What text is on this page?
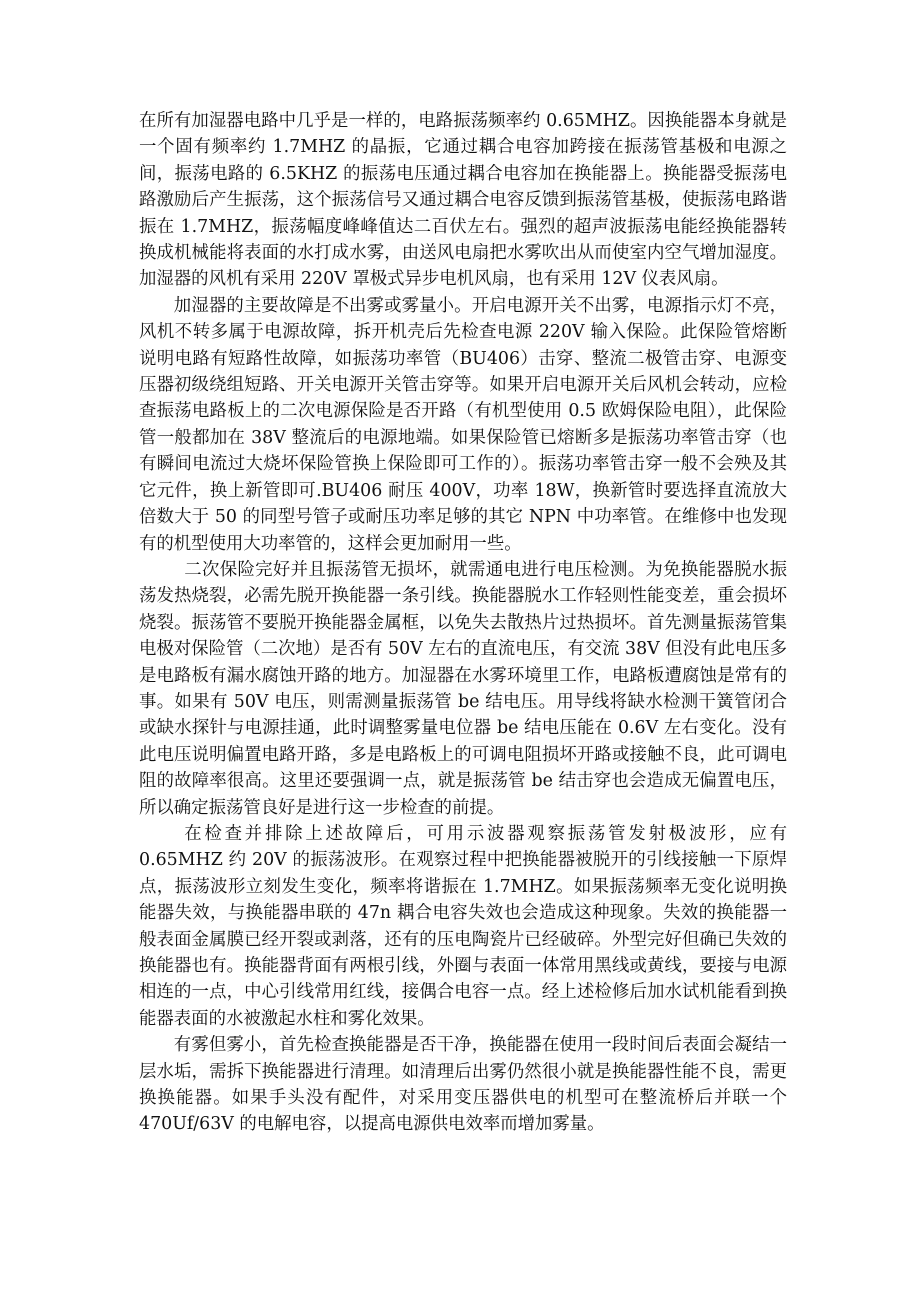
在所有加湿器电路中几乎是一样的，电路振荡频率约 0.65MHZ。因换能器本身就是一个固有频率约 1.7MHZ 的晶振，它通过耦合电容加跨接在振荡管基极和电源之间，振荡电路的 6.5KHZ 的振荡电压通过耦合电容加在换能器上。换能器受振荡电路激励后产生振荡，这个振荡信号又通过耦合电容反馈到振荡管基极，使振荡电路谐振在 1.7MHZ，振荡幅度峰峰值达二百伏左右。强烈的超声波振荡电能经换能器转换成机械能将表面的水打成水雾，由送风电扇把水雾吹出从而使室内空气增加湿度。加湿器的风机有采用 220V 罩极式异步电机风扇，也有采用 12V 仪表风扇。

加湿器的主要故障是不出雾或雾量小。开启电源开关不出雾，电源指示灯不亮，风机不转多属于电源故障，拆开机壳后先检查电源 220V 输入保险。此保险管熔断说明电路有短路性故障，如振荡功率管（BU406）击穿、整流二极管击穿、电源变压器初级绕组短路、开关电源开关管击穿等。如果开启电源开关后风机会转动，应检查振荡电路板上的二次电源保险是否开路（有机型使用 0.5 欧姆保险电阻），此保险管一般都加在 38V 整流后的电源地端。如果保险管已熔断多是振荡功率管击穿（也有瞬间电流过大烧坏保险管换上保险即可工作的）。振荡功率管击穿一般不会殃及其它元件，换上新管即可.BU406 耐压 400V，功率 18W，换新管时要选择直流放大倍数大于 50 的同型号管子或耐压功率足够的其它 NPN 中功率管。在维修中也发现有的机型使用大功率管的，这样会更加耐用一些。

二次保险完好并且振荡管无损坏，就需通电进行电压检测。为免换能器脱水振荡发热烧裂，必需先脱开换能器一条引线。换能器脱水工作轻则性能变差，重会损坏烧裂。振荡管不要脱开换能器金属框，以免失去散热片过热损坏。首先测量振荡管集电极对保险管（二次地）是否有 50V 左右的直流电压，有交流 38V 但没有此电压多是电路板有漏水腐蚀开路的地方。加湿器在水雾环境里工作，电路板遭腐蚀是常有的事。如果有 50V 电压，则需测量振荡管 be 结电压。用导线将缺水检测干簧管闭合或缺水探针与电源挂通，此时调整雾量电位器 be 结电压能在 0.6V 左右变化。没有此电压说明偏置电路开路，多是电路板上的可调电阻损坏开路或接触不良，此可调电阻的故障率很高。这里还要强调一点，就是振荡管 be 结击穿也会造成无偏置电压，所以确定振荡管良好是进行这一步检查的前提。

在检查并排除上述故障后，可用示波器观察振荡管发射极波形，应有 0.65MHZ 约 20V 的振荡波形。在观察过程中把换能器被脱开的引线接触一下原焊点，振荡波形立刻发生变化，频率将谐振在 1.7MHZ。如果振荡频率无变化说明换能器失效，与换能器串联的 47n 耦合电容失效也会造成这种现象。失效的换能器一般表面金属膜已经开裂或剥落，还有的压电陶瓷片已经破碎。外型完好但确已失效的换能器也有。换能器背面有两根引线，外圈与表面一体常用黑线或黄线，要接与电源相连的一点，中心引线常用红线，接偶合电容一点。经上述检修后加水试机能看到换能器表面的水被激起水柱和雾化效果。

有雾但雾小，首先检查换能器是否干净，换能器在使用一段时间后表面会凝结一层水垢，需拆下换能器进行清理。如清理后出雾仍然很小就是换能器性能不良，需更换换能器。如果手头没有配件，对采用变压器供电的机型可在整流桥后并联一个 470Uf/63V 的电解电容，以提高电源供电效率而增加雾量。
